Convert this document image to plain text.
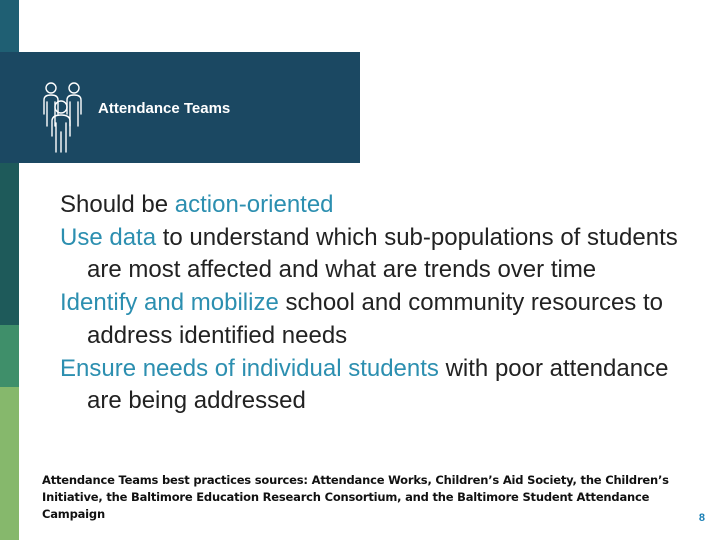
Attendance Teams
Should be action-oriented
Use data to understand which sub-populations of students are most affected and what are trends over time
Identify and mobilize school and community resources to address identified needs
Ensure needs of individual students with poor attendance are being addressed
Attendance Teams best practices sources: Attendance Works, Children’s Aid Society, the Children’s Initiative, the Baltimore Education Research Consortium, and the Baltimore Student Attendance Campaign	8
